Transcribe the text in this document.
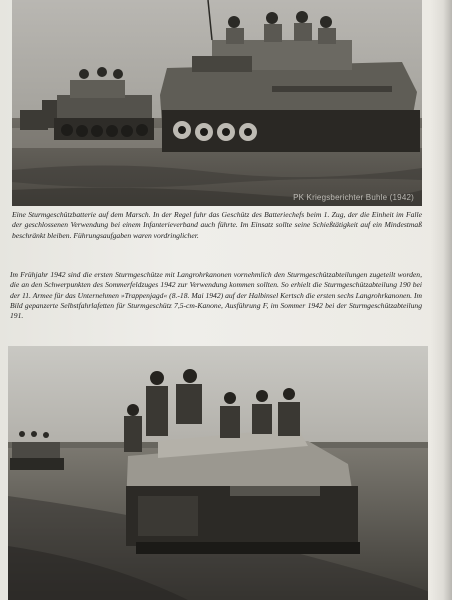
PK Kriegsberichter Buhle (1942)

Eine Sturmgeschützbatterie auf dem Marsch. In der Regel fuhr das Geschütz des Batteriechefs beim 1. Zug, der die Einheit im Falle der geschlossenen Verwendung bei einem Infanterieverband auch führte. Im Einsatz sollte seine Schießtätigkeit auf ein Mindestmaß beschränkt bleiben. Führungsaufgaben waren vordringlicher.

Im Frühjahr 1942 sind die ersten Sturmgeschütze mit Langrohrkanonen vornehmlich den Sturmgeschützabteilungen zugeteilt worden, die an den Schwerpunkten des Sommerfeldzuges 1942 zur Verwendung kommen sollten. So erhielt die Sturmgeschützabteilung 190 bei der 11. Armee für das Unternehmen »Trappenjagd« (8.-18. Mai 1942) auf der Halbinsel Kertsch die ersten sechs Langrohrkanonen. Im Bild gepanzerte Selbstfahrlafetten für Sturmgeschütz 7,5-cm-Kanone, Ausführung F, im Sommer 1942 bei der Sturmgeschützabteilung 191.
